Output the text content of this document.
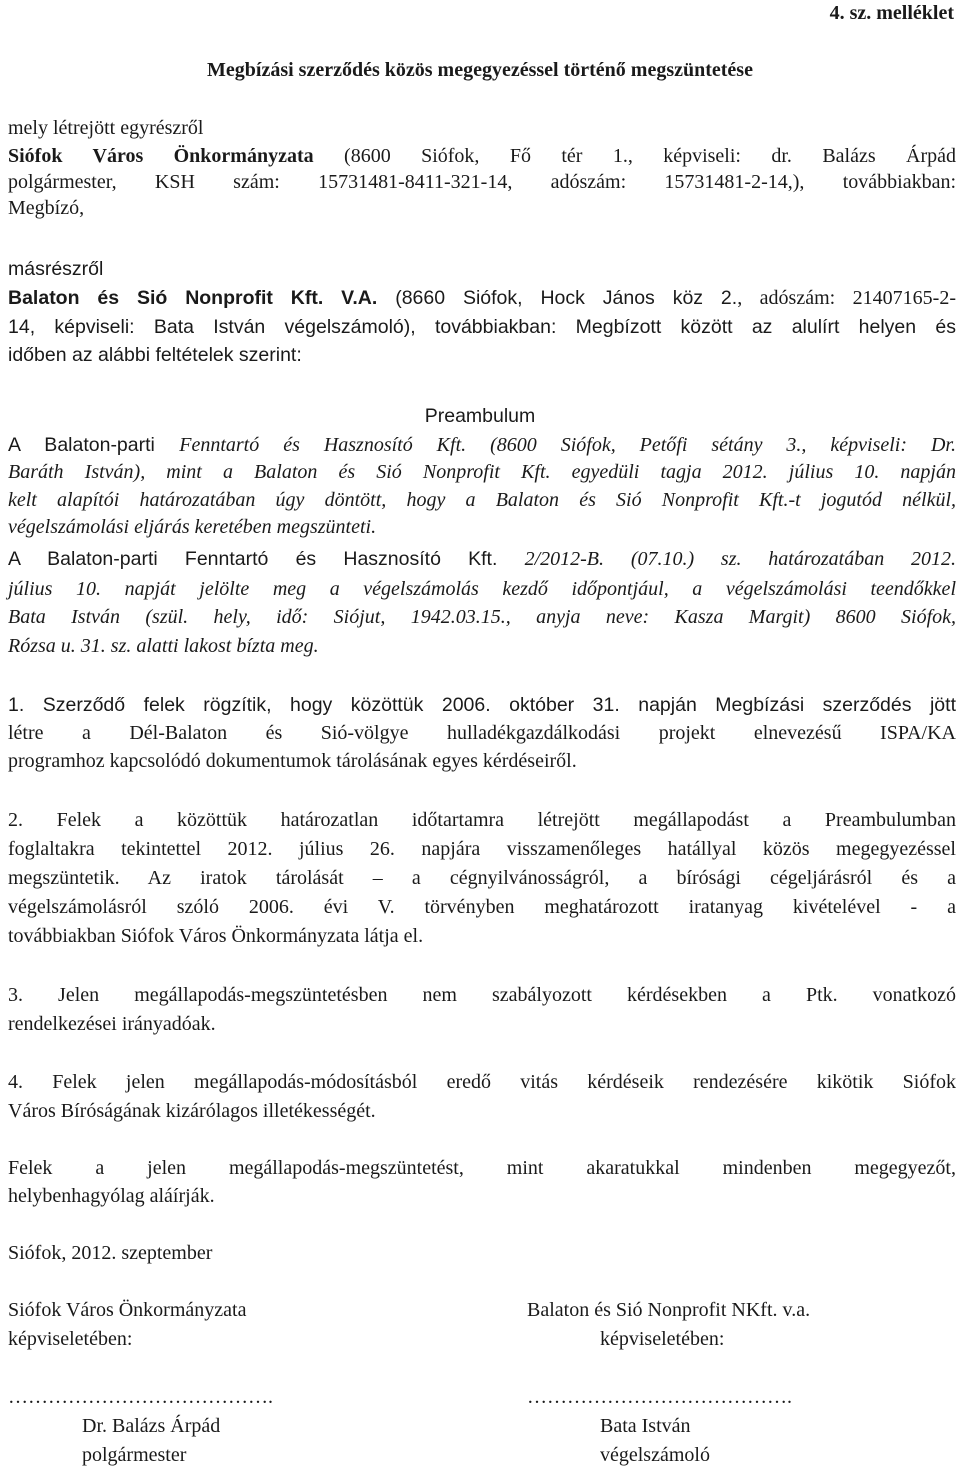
4. sz. melléklet
Megbízási szerződés közös megegyezéssel történő megszüntetése
mely létrejött egyrészről
Siófok Város Önkormányzata (8600 Siófok, Fő tér 1., képviseli: dr. Balázs Árpád
polgármester, KSH szám: 15731481-8411-321-14, adószám: 15731481-2-14,), továbbiakban:
Megbízó,
másrészről
Balaton és Sió Nonprofit Kft. V.A. (8660 Siófok, Hock János köz 2., adószám: 21407165-2-
14, képviseli: Bata István végelszámoló), továbbiakban: Megbízott között az alulírt helyen és
időben az alábbi feltételek szerint:
Preambulum
A Balaton-parti Fenntartó és Hasznosító Kft. (8600 Siófok, Petőfi sétány 3., képviseli: Dr.
Baráth István), mint a Balaton és Sió Nonprofit Kft. egyedüli tagja 2012. július 10. napján
kelt alapítói határozatában úgy döntött, hogy a Balaton és Sió Nonprofit Kft.-t jogutód nélkül,
végelszámolási eljárás keretében megszünteti.
A Balaton-parti Fenntartó és Hasznosító Kft. 2/2012-B. (07.10.) sz. határozatában 2012.
július 10. napját jelölte meg a végelszámolás kezdő időpontjául, a végelszámolási teendőkkel
Bata István (szül. hely, idő: Siójut, 1942.03.15., anyja neve: Kasza Margit) 8600 Siófok,
Rózsa u. 31. sz. alatti lakost bízta meg.
1. Szerződő felek rögzítik, hogy közöttük 2006. október 31. napján Megbízási szerződés jött
létre a Dél-Balaton és Sió-völgye hulladékgazdálkodási projekt elnevezésű ISPA/KA
programhoz kapcsolódó dokumentumok tárolásának egyes kérdéseiről.
2. Felek a közöttük határozatlan időtartamra létrejött megállapodást a Preambulumban
foglaltakra tekintettel 2012. július 26. napjára visszamenőleges hatállyal közös megegyezéssel
megszüntetik. Az iratok tárolását – a cégnyilvánosságról, a bírósági cégeljárásról és a
végelszámolásról szóló 2006. évi V. törvényben meghatározott iratanyag kivételével - a
továbbiakban Siófok Város Önkormányzata látja el.
3. Jelen megállapodás-megszüntetésben nem szabályozott kérdésekben a Ptk. vonatkozó
rendelkezései irányadóak.
4. Felek jelen megállapodás-módosításból eredő vitás kérdéseik rendezésére kikötik Siófok
Város Bíróságának kizárólagos illetékességét.
Felek a jelen megállapodás-megszüntetést, mint akaratukkal mindenben megegyezőt,
helybenhagyólag aláírják.
Siófok, 2012. szeptember
Siófok Város Önkormányzata
képviseletében:
………………………………….
Dr. Balázs Árpád
polgármester
Balaton és Sió Nonprofit NKft. v.a.
képviseletében:
………………………………….
Bata István
végelszámoló
